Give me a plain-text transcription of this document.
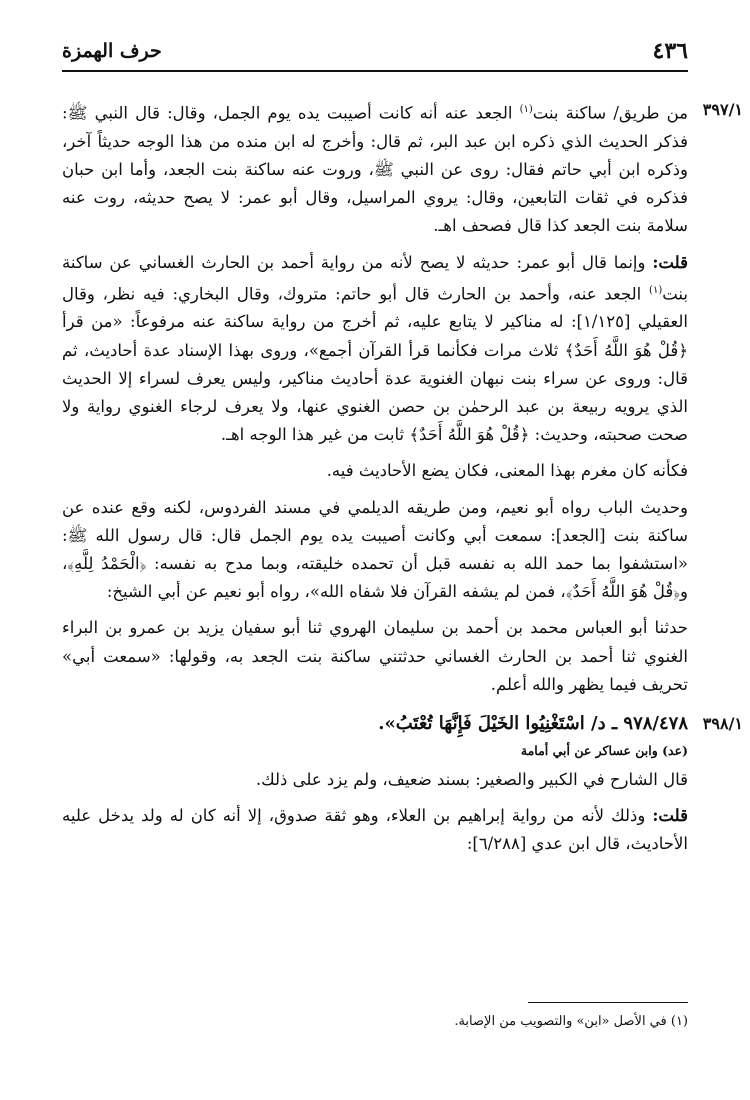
٤٣٦
حرف الهمزة

٣٩٧/١
من طريق/ ساكنة بنت$^{(١)}$ الجعد عنه أنه كانت أصيبت يده يوم الجمل، وقال: قال النبي ﷺ: فذكر الحديث الذي ذكره ابن عبد البر، ثم قال: وأخرج له ابن منده من هذا الوجه حديثاً آخر، وذكره ابن أبي حاتم فقال: روى عن النبي ﷺ، وروت عنه ساكنة بنت الجعد، وأما ابن حبان فذكره في ثقات التابعين، وقال: يروي المراسيل، وقال أبو عمر: لا يصح حديثه، روت عنه سلامة بنت الجعد كذا قال فصحف اهـ.

قلت: وإنما قال أبو عمر: حديثه لا يصح لأنه من رواية أحمد بن الحارث الغساني عن ساكنة بنت$^{(١)}$ الجعد عنه، وأحمد بن الحارث قال أبو حاتم: متروك، وقال البخاري: فيه نظر، وقال العقيلي [١/١٢٥]: له مناكير لا يتابع عليه، ثم أخرج من رواية ساكنة عنه مرفوعاً: «من قرأ ﴿قُلْ هُوَ اللَّهُ أَحَدٌ﴾ ثلاث مرات فكأنما قرأ القرآن أجمع»، وروى بهذا الإسناد عدة أحاديث، ثم قال: وروى عن سراء بنت نبهان الغنوية عدة أحاديث مناكير، وليس يعرف لسراء إلا الحديث الذي يرويه ربيعة بن عبد الرحمٰن بن حصن الغنوي عنها، ولا يعرف لرجاء الغنوي رواية ولا صحت صحبته، وحديث: ﴿قُلْ هُوَ اللَّهُ أَحَدٌ﴾ ثابت من غير هذا الوجه اهـ.

فكأنه كان مغرم بهذا المعنى، فكان يضع الأحاديث فيه.

وحديث الباب رواه أبو نعيم، ومن طريقه الديلمي في مسند الفردوس، لكنه وقع عنده عن ساكنة بنت [الجعد]: سمعت أبي وكانت أصيبت يده يوم الجمل قال: قال رسول الله ﷺ: «استشفوا بما حمد الله به نفسه قبل أن تحمده خليقته، وبما مدح به نفسه: ﴿الْحَمْدُ لِلَّهِ﴾، و﴿قُلْ هُوَ اللَّهُ أَحَدٌ﴾، فمن لم يشفه القرآن فلا شفاه الله»، رواه أبو نعيم عن أبي الشيخ:

حدثنا أبو العباس محمد بن أحمد بن سليمان الهروي ثنا أبو سفيان يزيد بن عمرو بن البراء الغنوي ثنا أحمد بن الحارث الغساني حدثتني ساكنة بنت الجعد به، وقولها: «سمعت أبي» تحريف فيما يظهر والله أعلم.

٣٩٨/١
٩٧٨/٤٧٨ ـ د/ اسْتَغْنِيُوا الخَيْلَ فَإِنَّهَا تُعْتَبُ».
(عد) وابن عساكر عن أبي أمامة

قال الشارح في الكبير والصغير: بسند ضعيف، ولم يزد على ذلك.

قلت: وذلك لأنه من رواية إبراهيم بن العلاء، وهو ثقة صدوق، إلا أنه كان له ولد يدخل عليه الأحاديث، قال ابن عدي [٦/٢٨٨]:

(١) في الأصل «ابن» والتصويب من الإصابة.
